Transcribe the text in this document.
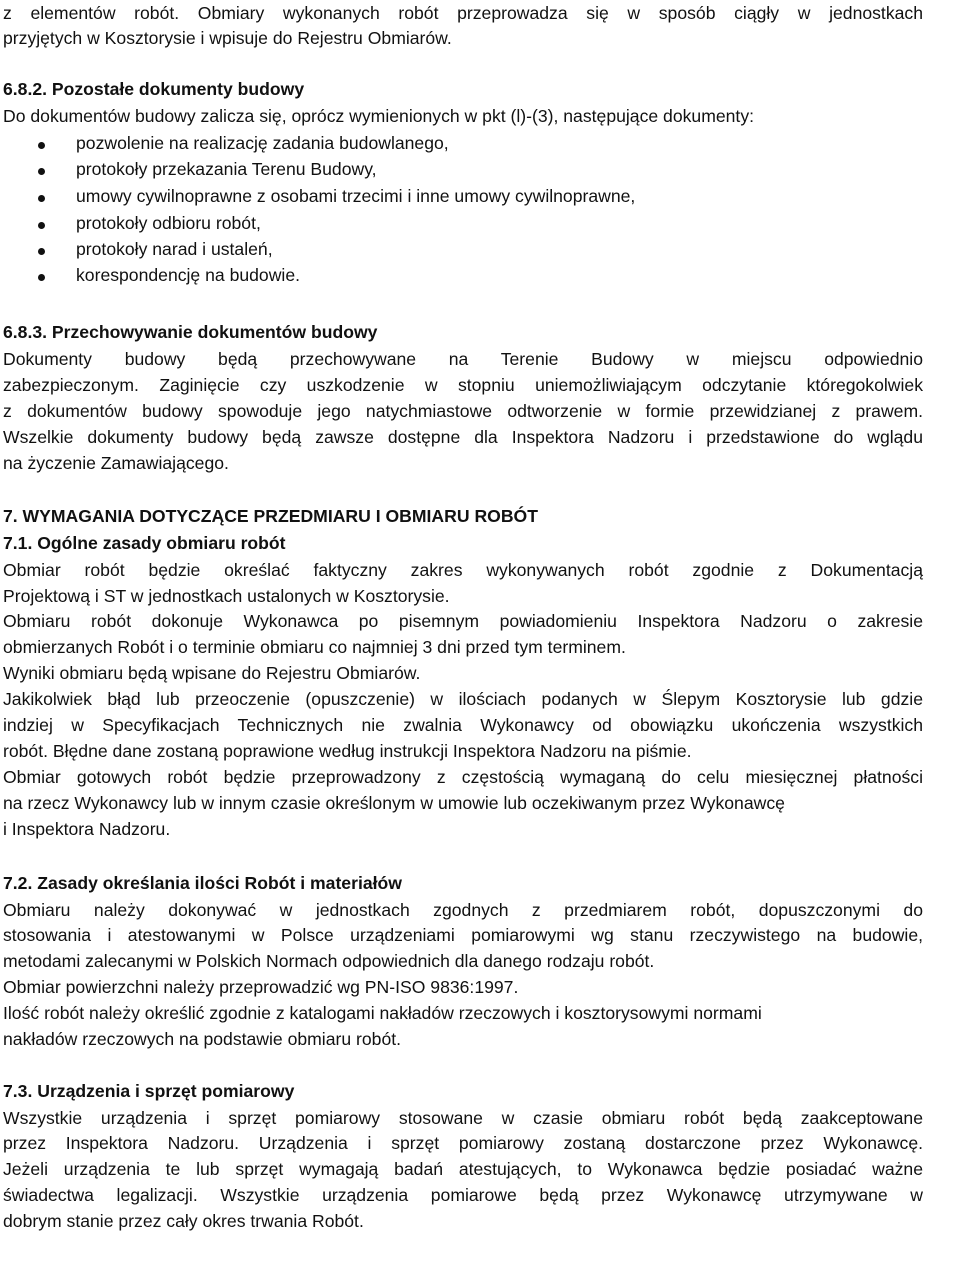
z elementów robót. Obmiary wykonanych robót przeprowadza się w sposób ciągły w jednostkach
przyjętych w Kosztorysie i wpisuje do Rejestru Obmiarów.
6.8.2. Pozostałe dokumenty budowy
Do dokumentów budowy zalicza się, oprócz wymienionych w pkt (l)-(3), następujące dokumenty:
pozwolenie na realizację zadania budowlanego,
protokoły przekazania Terenu Budowy,
umowy cywilnoprawne z osobami trzecimi i inne umowy cywilnoprawne,
protokoły odbioru robót,
protokoły narad i ustaleń,
korespondencję na budowie.
6.8.3. Przechowywanie dokumentów budowy
Dokumenty budowy będą przechowywane na Terenie Budowy w miejscu odpowiednio
zabezpieczonym. Zaginięcie czy uszkodzenie w stopniu uniemożliwiającym odczytanie któregokolwiek
z dokumentów budowy spowoduje jego natychmiastowe odtworzenie w formie przewidzianej z prawem.
Wszelkie dokumenty budowy będą zawsze dostępne dla Inspektora Nadzoru i przedstawione do wglądu
na życzenie Zamawiającego.
7. WYMAGANIA DOTYCZĄCE PRZEDMIARU I OBMIARU ROBÓT
7.1. Ogólne zasady obmiaru robót
Obmiar robót będzie określać faktyczny zakres wykonywanych robót zgodnie z Dokumentacją
Projektową i ST w jednostkach ustalonych w Kosztorysie.
Obmiaru robót dokonuje Wykonawca po pisemnym powiadomieniu Inspektora Nadzoru o zakresie
obmierzanych Robót i o terminie obmiaru co najmniej 3 dni przed tym terminem.
Wyniki obmiaru będą wpisane do Rejestru Obmiarów.
Jakikolwiek błąd lub przeoczenie (opuszczenie) w ilościach podanych w Ślepym Kosztorysie lub gdzie
indziej w Specyfikacjach Technicznych nie zwalnia Wykonawcy od obowiązku ukończenia wszystkich
robót. Błędne dane zostaną poprawione według instrukcji Inspektora Nadzoru na piśmie.
Obmiar gotowych robót będzie przeprowadzony z częstością wymaganą do celu miesięcznej płatności
na rzecz Wykonawcy lub w innym czasie określonym w umowie lub oczekiwanym przez Wykonawcę
i Inspektora Nadzoru.
7.2. Zasady określania ilości Robót i materiałów
Obmiaru należy dokonywać w jednostkach zgodnych z przedmiarem robót, dopuszczonymi do
stosowania i atestowanymi w Polsce urządzeniami pomiarowymi wg stanu rzeczywistego na budowie,
metodami zalecanymi w Polskich Normach odpowiednich dla danego rodzaju robót.
Obmiar powierzchni należy przeprowadzić wg PN-ISO 9836:1997.
Ilość robót należy określić zgodnie z katalogami nakładów rzeczowych i kosztorysowymi normami
nakładów rzeczowych na podstawie obmiaru robót.
7.3. Urządzenia i sprzęt pomiarowy
Wszystkie urządzenia i sprzęt pomiarowy stosowane w czasie obmiaru robót będą zaakceptowane
przez Inspektora Nadzoru. Urządzenia i sprzęt pomiarowy zostaną dostarczone przez Wykonawcę.
Jeżeli urządzenia te lub sprzęt wymagają badań atestujących, to Wykonawca będzie posiadać ważne
świadectwa legalizacji. Wszystkie urządzenia pomiarowe będą przez Wykonawcę utrzymywane w
dobrym stanie przez cały okres trwania Robót.
